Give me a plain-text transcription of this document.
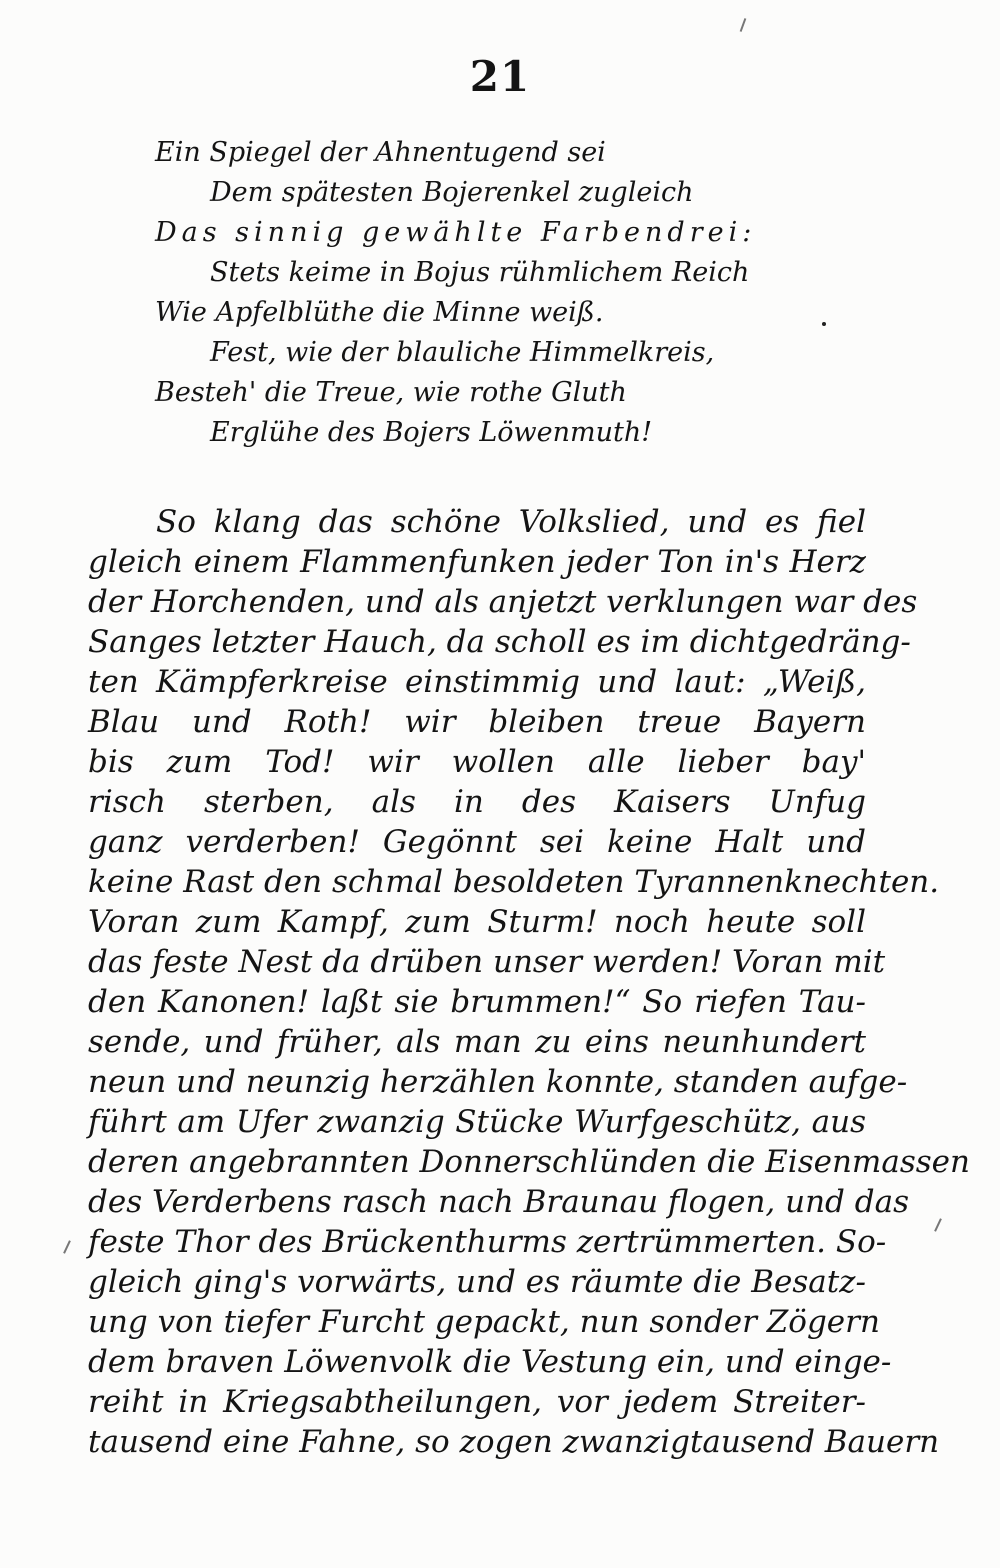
21
Ein Spiegel der Ahnentugend sei
Dem spätesten Bojerenkel zugleich
Das sinnig gewählte Farbendrei:
Stets keime in Bojus rühmlichem Reich
Wie Apfelblüthe die Minne weiß.
Fest, wie der blauliche Himmelkreis,
Besteh' die Treue, wie rothe Gluth
Erglühe des Bojers Löwenmuth!
So klang das schöne Volkslied, und es fiel
gleich einem Flammenfunken jeder Ton in's Herz
der Horchenden, und als anjetzt verklungen war des
Sanges letzter Hauch, da scholl es im dichtgedräng-
ten Kämpferkreise einstimmig und laut: „Weiß,
Blau und Roth! wir bleiben treue Bayern
bis zum Tod! wir wollen alle lieber bay'
risch sterben, als in des Kaisers Unfug
ganz verderben! Gegönnt sei keine Halt und
keine Rast den schmal besoldeten Tyrannenknechten.
Voran zum Kampf, zum Sturm! noch heute soll
das feste Nest da drüben unser werden! Voran mit
den Kanonen! laßt sie brummen!“ So riefen Tau-
sende, und früher, als man zu eins neunhundert
neun und neunzig herzählen konnte, standen aufge-
führt am Ufer zwanzig Stücke Wurfgeschütz, aus
deren angebrannten Donnerschlünden die Eisenmassen
des Verderbens rasch nach Braunau flogen, und das
feste Thor des Brückenthurms zertrümmerten. So-
gleich ging's vorwärts, und es räumte die Besatz-
ung von tiefer Furcht gepackt, nun sonder Zögern
dem braven Löwenvolk die Vestung ein, und einge-
reiht in Kriegsabtheilungen, vor jedem Streiter-
tausend eine Fahne, so zogen zwanzigtausend Bauern
